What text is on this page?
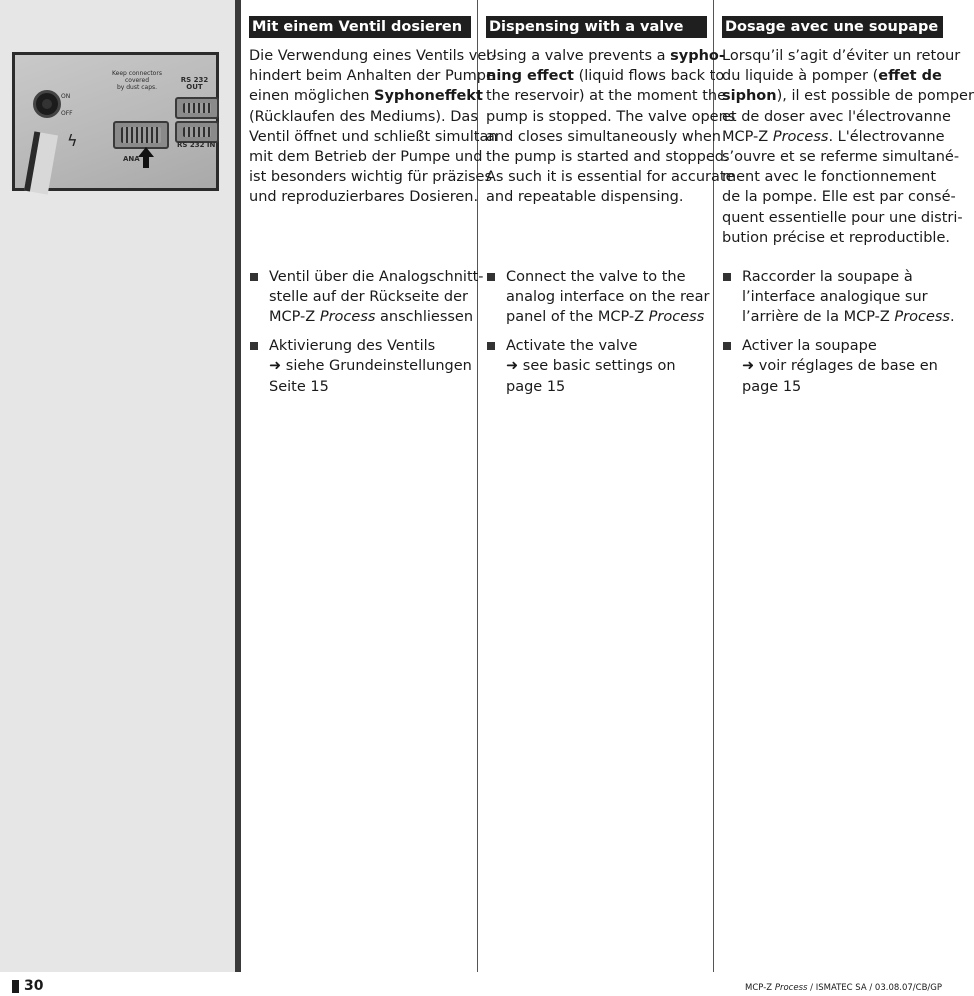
Keep connectors
covered
by dust caps.
RS 232 OUT
ON
OFF
ϟ	RS 232 IN
ANA
Mit einem Ventil dosieren
Die Verwendung eines Ventils ver-
hindert beim Anhalten der Pumpe
einen möglichen Syphoneffekt
(Rücklaufen des Mediums). Das
Ventil öffnet und schließt simultan
mit dem Betrieb der Pumpe und
ist besonders wichtig für präzises
und reproduzierbares Dosieren.
Ventil über die Analogschnitt-
stelle auf der Rückseite der
MCP-Z Process anschliessen
Aktivierung des Ventils
➜ siehe Grundeinstellungen
Seite 15
Dispensing with a valve
Using a valve prevents a sypho-
ning effect (liquid flows back to
the reservoir) at the moment the
pump is stopped. The valve opens
and closes simultaneously when
the pump is started and stopped.
As such it is essential for accurate
and repeatable dispensing.
Connect the valve to the
analog interface on the rear
panel of the MCP-Z Process
Activate the valve
➜ see basic settings on
page 15
Dosage avec une soupape
Lorsqu’il s’agit d’éviter un retour
du liquide à pomper (effet de
siphon), il est possible de pomper
et de doser avec l'électrovanne
MCP-Z Process. L'électrovanne
s’ouvre et se referme simultané-
ment avec le fonctionnement
de la pompe. Elle est par consé-
quent essentielle pour une distri-
bution précise et reproductible.
Raccorder la soupape à
l’interface analogique sur
l’arrière de la MCP-Z Process.
Activer la soupape
➜ voir réglages de base en
page 15
30	MCP-Z Process / ISMATEC SA / 03.08.07/CB/GP
